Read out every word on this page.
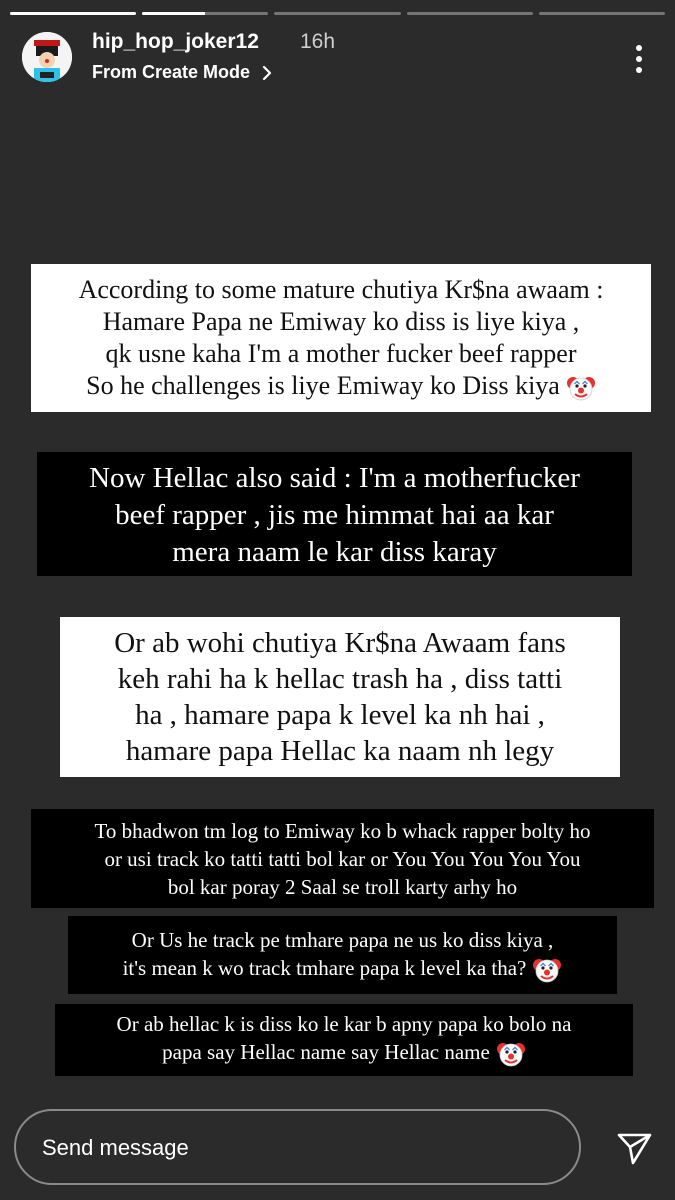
hip_hop_joker12 16h
From Create Mode
According to some mature chutiya Kr$na awaam :
Hamare Papa ne Emiway ko diss is liye kiya ,
qk usne kaha I'm a mother fucker beef rapper
So he challenges is liye Emiway ko Diss kiya
Now Hellac also said : I'm a motherfucker
beef rapper , jis me himmat hai aa kar
mera naam le kar diss karay
Or ab wohi chutiya Kr$na Awaam fans
keh rahi ha k hellac trash ha , diss tatti
ha , hamare papa k level ka nh hai ,
hamare papa Hellac ka naam nh legy
To bhadwon tm log to Emiway ko b whack rapper bolty ho
or usi track ko tatti tatti bol kar or You You You You You
bol kar poray 2 Saal se troll karty arhy ho
Or Us he track pe tmhare papa ne us ko diss kiya ,
it's mean k wo track tmhare papa k level ka tha?
Or ab hellac k is diss ko le kar b apny papa ko bolo na
papa say Hellac name say Hellac name
Send message
